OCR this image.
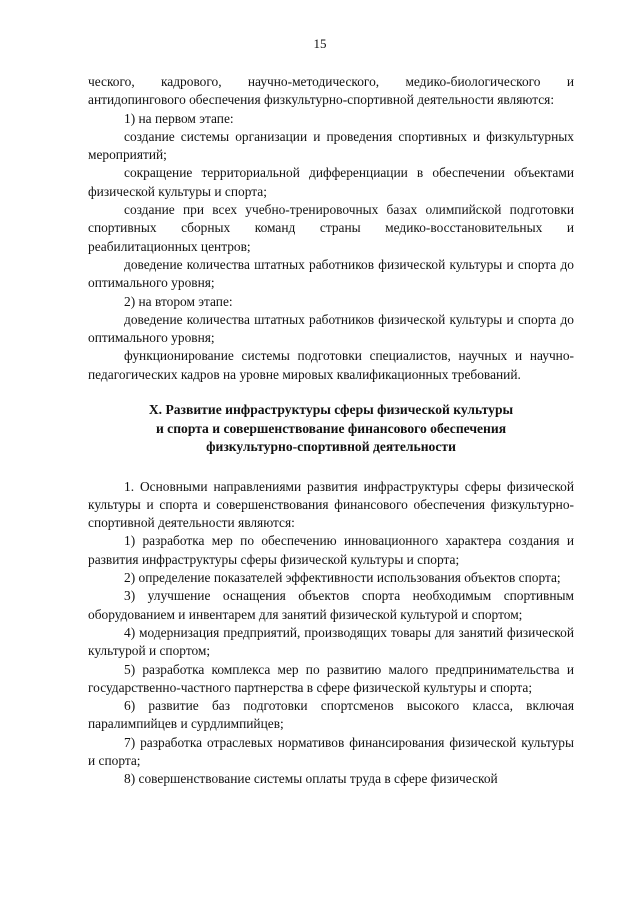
15

ческого, кадрового, научно-методического, медико-биологического и антидопингового обеспечения физкультурно-спортивной деятельности являются:

1) на первом этапе:

создание системы организации и проведения спортивных и физкультурных мероприятий;

сокращение территориальной дифференциации в обеспечении объектами физической культуры и спорта;

создание при всех учебно-тренировочных базах олимпийской подготовки спортивных сборных команд страны медико-восстановительных и реабилитационных центров;

доведение количества штатных работников физической культуры и спорта до оптимального уровня;

2) на втором этапе:

доведение количества штатных работников физической культуры и спорта до оптимального уровня;

функционирование системы подготовки специалистов, научных и научно-педагогических кадров на уровне мировых квалификационных требований.

X. Развитие инфраструктуры сферы физической культуры
и спорта и совершенствование финансового обеспечения
физкультурно-спортивной деятельности

1. Основными направлениями развития инфраструктуры сферы физической культуры и спорта и совершенствования финансового обеспечения физкультурно-спортивной деятельности являются:

1) разработка мер по обеспечению инновационного характера создания и развития инфраструктуры сферы физической культуры и спорта;

2) определение показателей эффективности использования объектов спорта;

3) улучшение оснащения объектов спорта необходимым спортивным оборудованием и инвентарем для занятий физической культурой и спортом;

4) модернизация предприятий, производящих товары для занятий физической культурой и спортом;

5) разработка комплекса мер по развитию малого предпринимательства и государственно-частного партнерства в сфере физической культуры и спорта;

6) развитие баз подготовки спортсменов высокого класса, включая паралимпийцев и сурдлимпийцев;

7) разработка отраслевых нормативов финансирования физической культуры и спорта;

8) совершенствование системы оплаты труда в сфере физической
